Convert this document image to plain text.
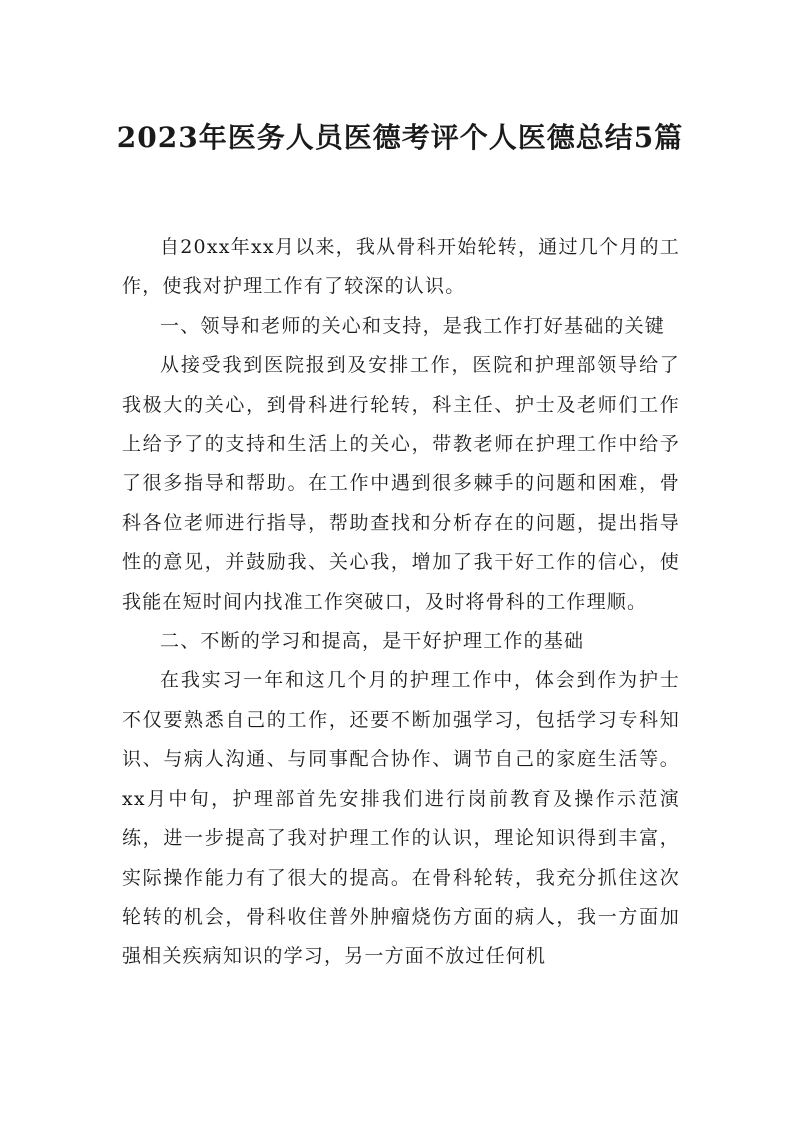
2023年医务人员医德考评个人医德总结5篇

自20xx年xx月以来，我从骨科开始轮转，通过几个月的工作，使我对护理工作有了较深的认识。

一、领导和老师的关心和支持，是我工作打好基础的关键

从接受我到医院报到及安排工作，医院和护理部领导给了我极大的关心，到骨科进行轮转，科主任、护士及老师们工作上给予了的支持和生活上的关心，带教老师在护理工作中给予了很多指导和帮助。在工作中遇到很多棘手的问题和困难，骨科各位老师进行指导，帮助查找和分析存在的问题，提出指导性的意见，并鼓励我、关心我，增加了我干好工作的信心，使我能在短时间内找准工作突破口，及时将骨科的工作理顺。

二、不断的学习和提高，是干好护理工作的基础

在我实习一年和这几个月的护理工作中，体会到作为护士不仅要熟悉自己的工作，还要不断加强学习，包括学习专科知识、与病人沟通、与同事配合协作、调节自己的家庭生活等。xx月中旬，护理部首先安排我们进行岗前教育及操作示范演练，进一步提高了我对护理工作的认识，理论知识得到丰富，实际操作能力有了很大的提高。在骨科轮转，我充分抓住这次轮转的机会，骨科收住普外肿瘤烧伤方面的病人，我一方面加强相关疾病知识的学习，另一方面不放过任何机
